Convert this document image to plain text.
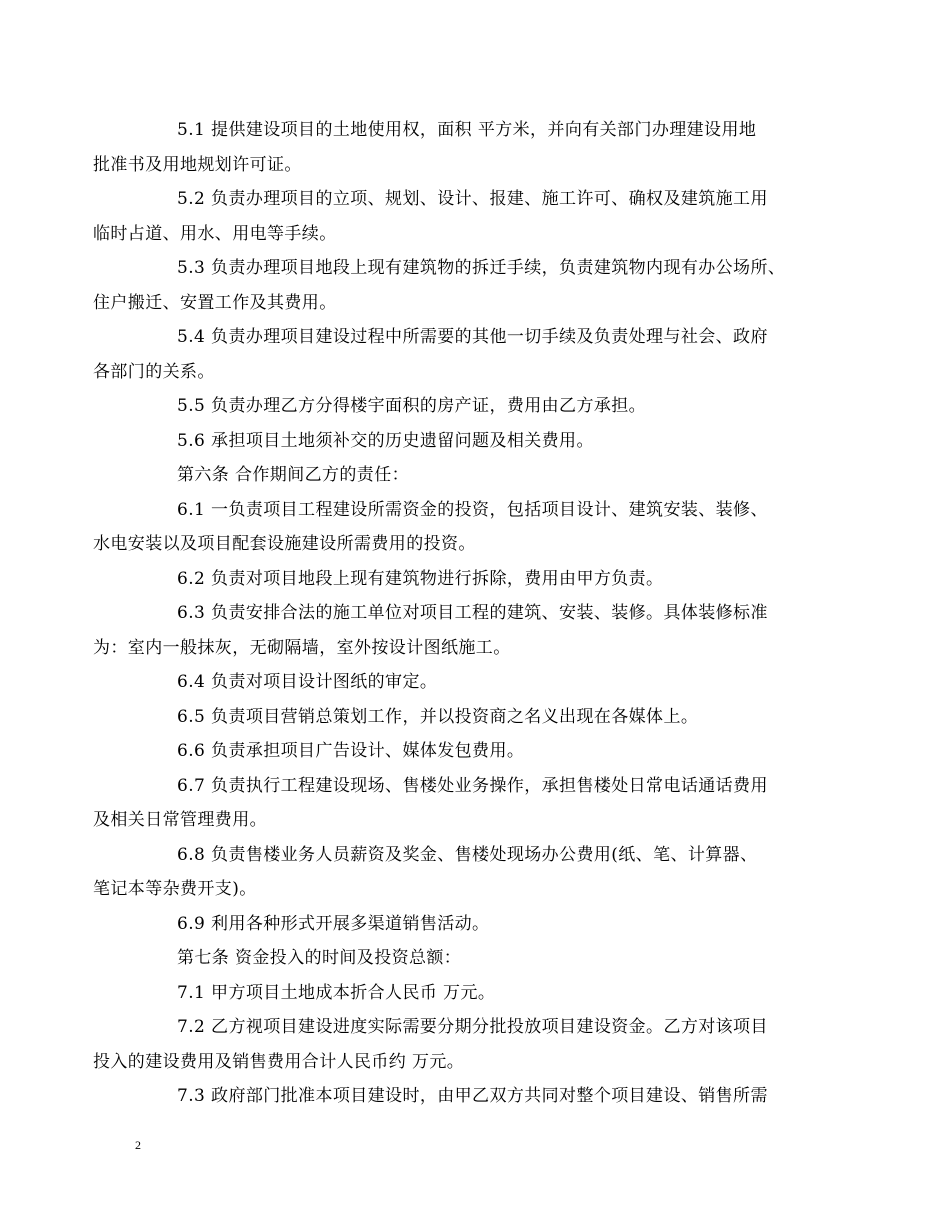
5.1 提供建设项目的土地使用权，面积 平方米，并向有关部门办理建设用地
批准书及用地规划许可证。

5.2 负责办理项目的立项、规划、设计、报建、施工许可、确权及建筑施工用
临时占道、用水、用电等手续。

5.3 负责办理项目地段上现有建筑物的拆迁手续，负责建筑物内现有办公场所、
住户搬迁、安置工作及其费用。

5.4 负责办理项目建设过程中所需要的其他一切手续及负责处理与社会、政府
各部门的关系。

5.5 负责办理乙方分得楼宇面积的房产证，费用由乙方承担。

5.6 承担项目土地须补交的历史遗留问题及相关费用。

第六条 合作期间乙方的责任：

6.1 一负责项目工程建设所需资金的投资，包括项目设计、建筑安装、装修、
水电安装以及项目配套设施建设所需费用的投资。

6.2 负责对项目地段上现有建筑物进行拆除，费用由甲方负责。

6.3 负责安排合法的施工单位对项目工程的建筑、安装、装修。具体装修标准
为：室内一般抹灰，无砌隔墙，室外按设计图纸施工。

6.4 负责对项目设计图纸的审定。

6.5 负责项目营销总策划工作，并以投资商之名义出现在各媒体上。

6.6 负责承担项目广告设计、媒体发包费用。

6.7 负责执行工程建设现场、售楼处业务操作，承担售楼处日常电话通话费用
及相关日常管理费用。

6.8 负责售楼业务人员薪资及奖金、售楼处现场办公费用(纸、笔、计算器、
笔记本等杂费开支)。

6.9 利用各种形式开展多渠道销售活动。

第七条 资金投入的时间及投资总额：

7.1 甲方项目土地成本折合人民币 万元。

7.2 乙方视项目建设进度实际需要分期分批投放项目建设资金。乙方对该项目
投入的建设费用及销售费用合计人民币约 万元。

7.3 政府部门批准本项目建设时，由甲乙双方共同对整个项目建设、销售所需

2
